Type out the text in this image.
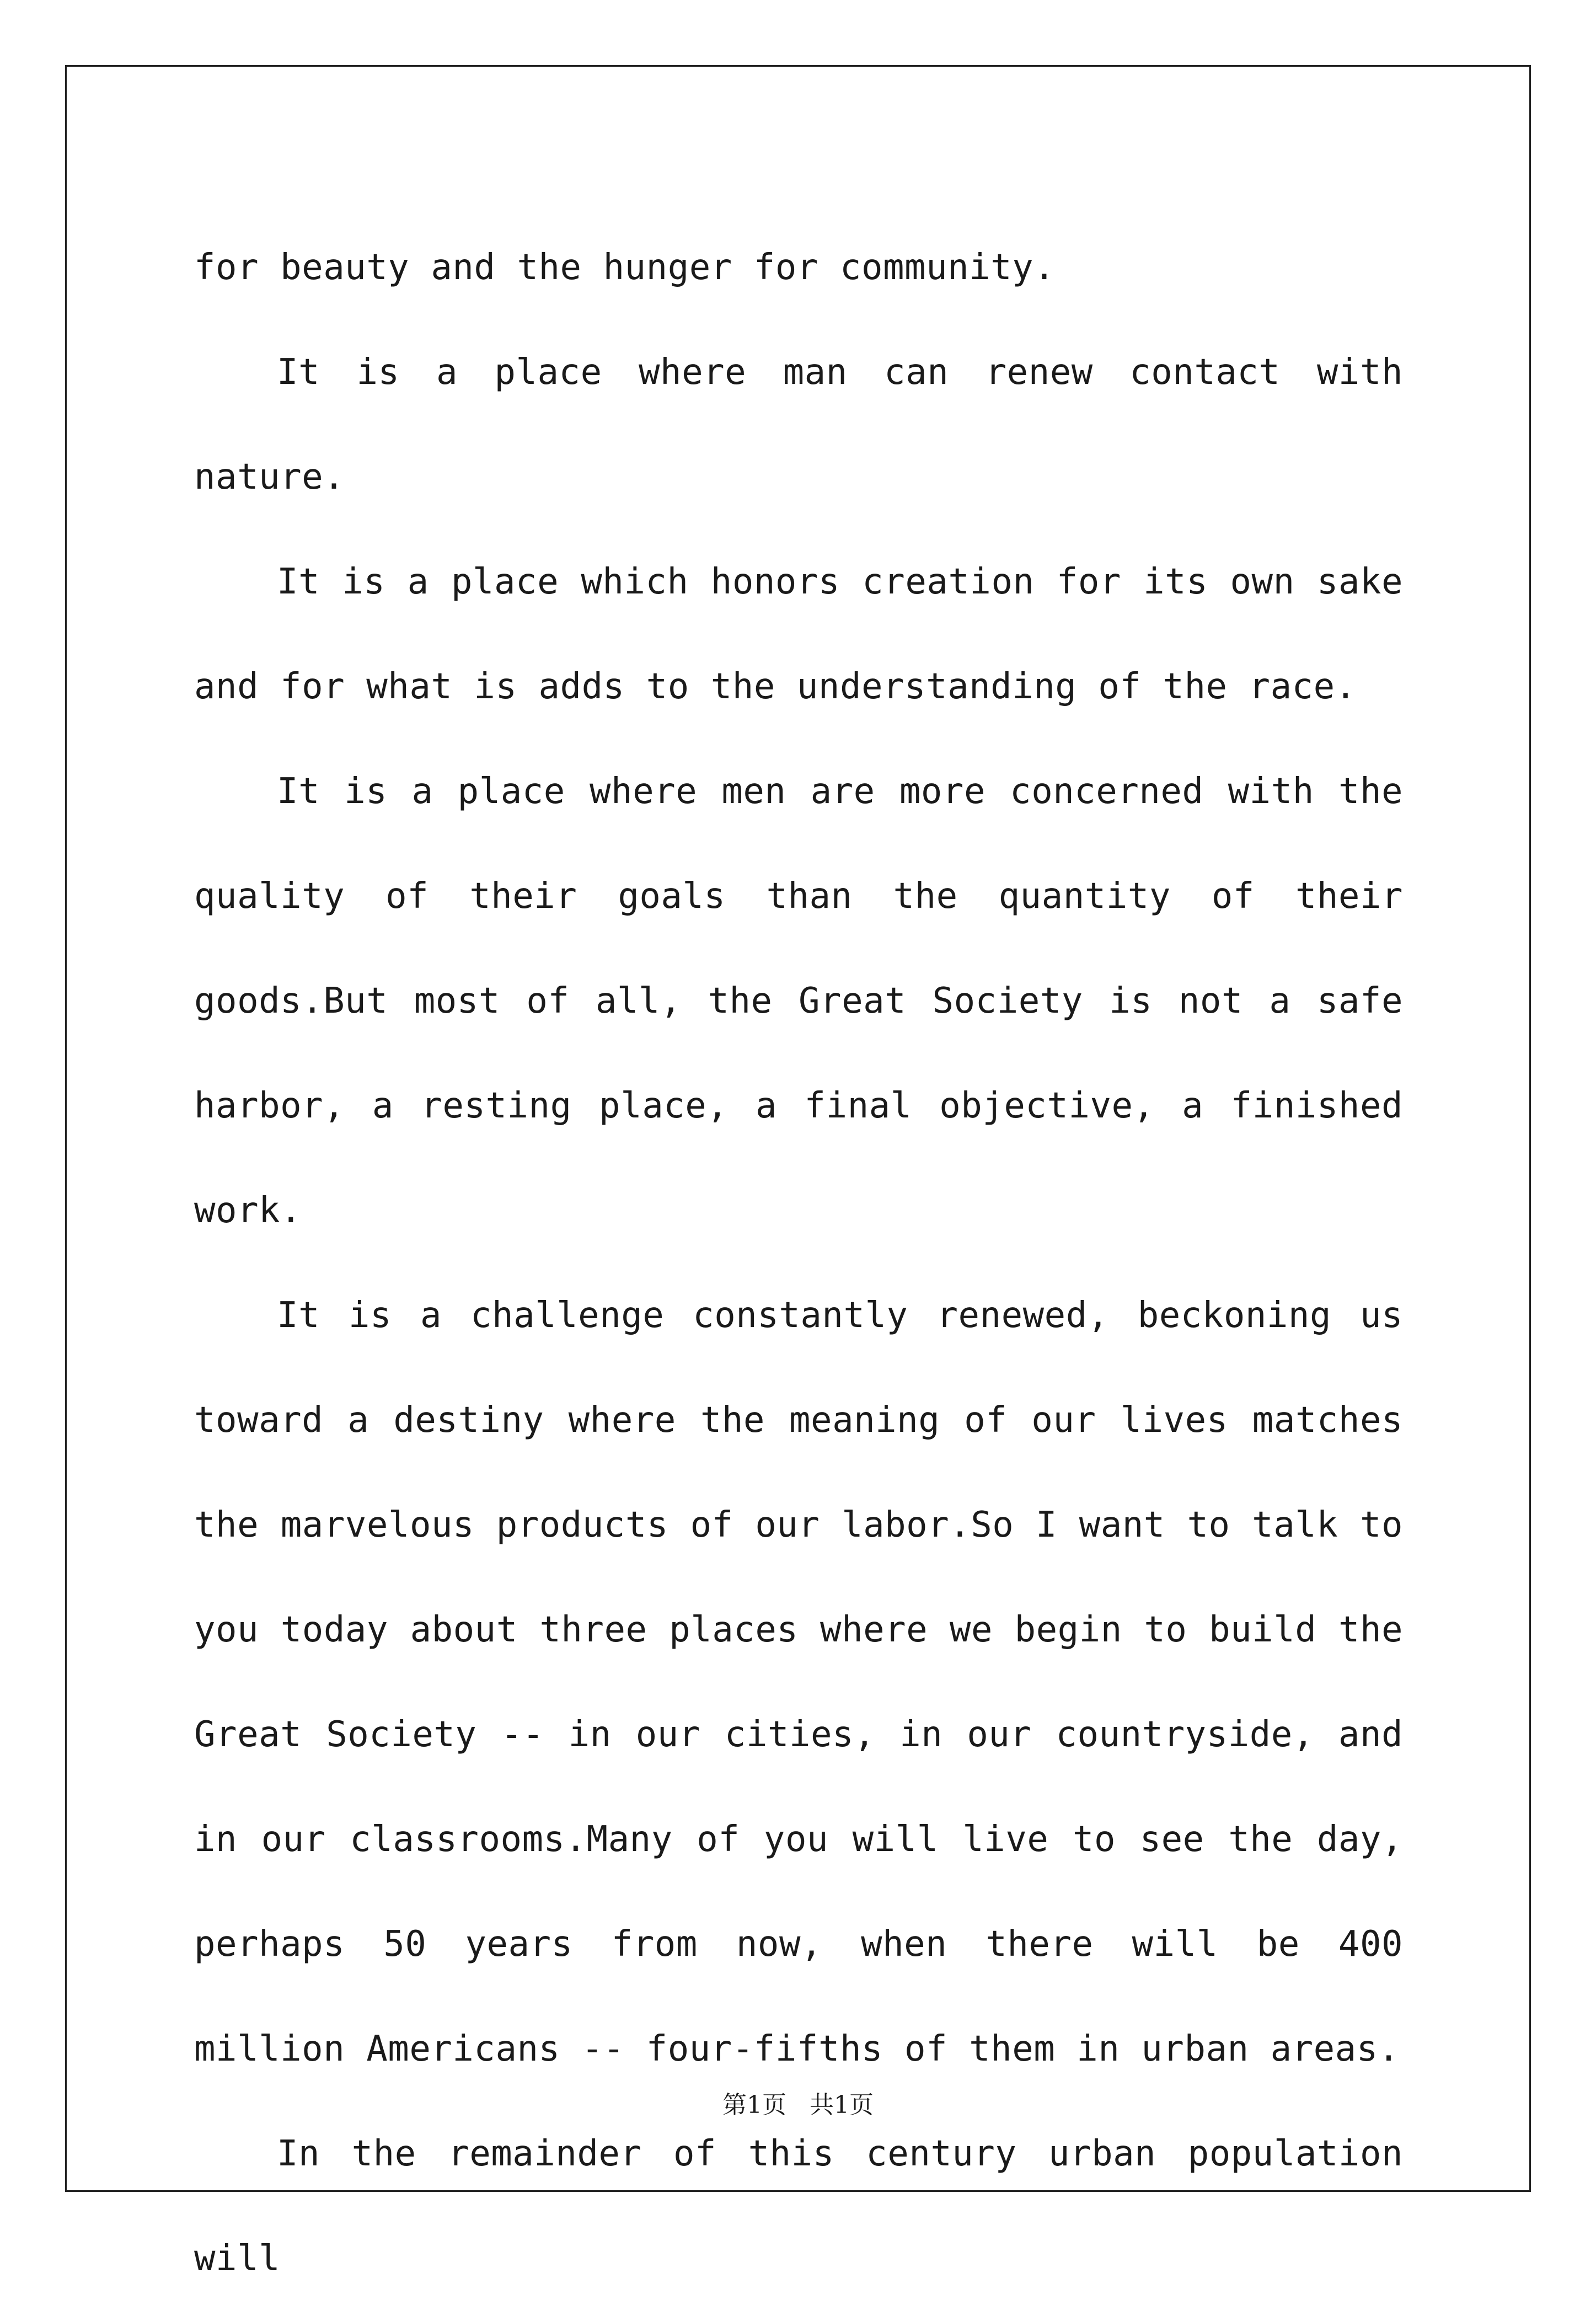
for beauty and the hunger for community.

It is a place where man can renew contact with nature.

It is a place which honors creation for its own sake and for what is adds to the understanding of the race.

It is a place where men are more concerned with the quality of their goals than the quantity of their goods.But most of all, the Great Society is not a safe harbor, a resting place, a final objective, a finished work.

It is a challenge constantly renewed, beckoning us toward a destiny where the meaning of our lives matches the marvelous products of our labor.So I want to talk to you today about three places where we begin to build the Great Society -- in our cities, in our countryside, and in our classrooms.Many of you will live to see the day, perhaps 50 years from now, when there will be 400 million Americans -- four-fifths of them in urban areas.

In the remainder of this century urban population will

第1页 共1页
